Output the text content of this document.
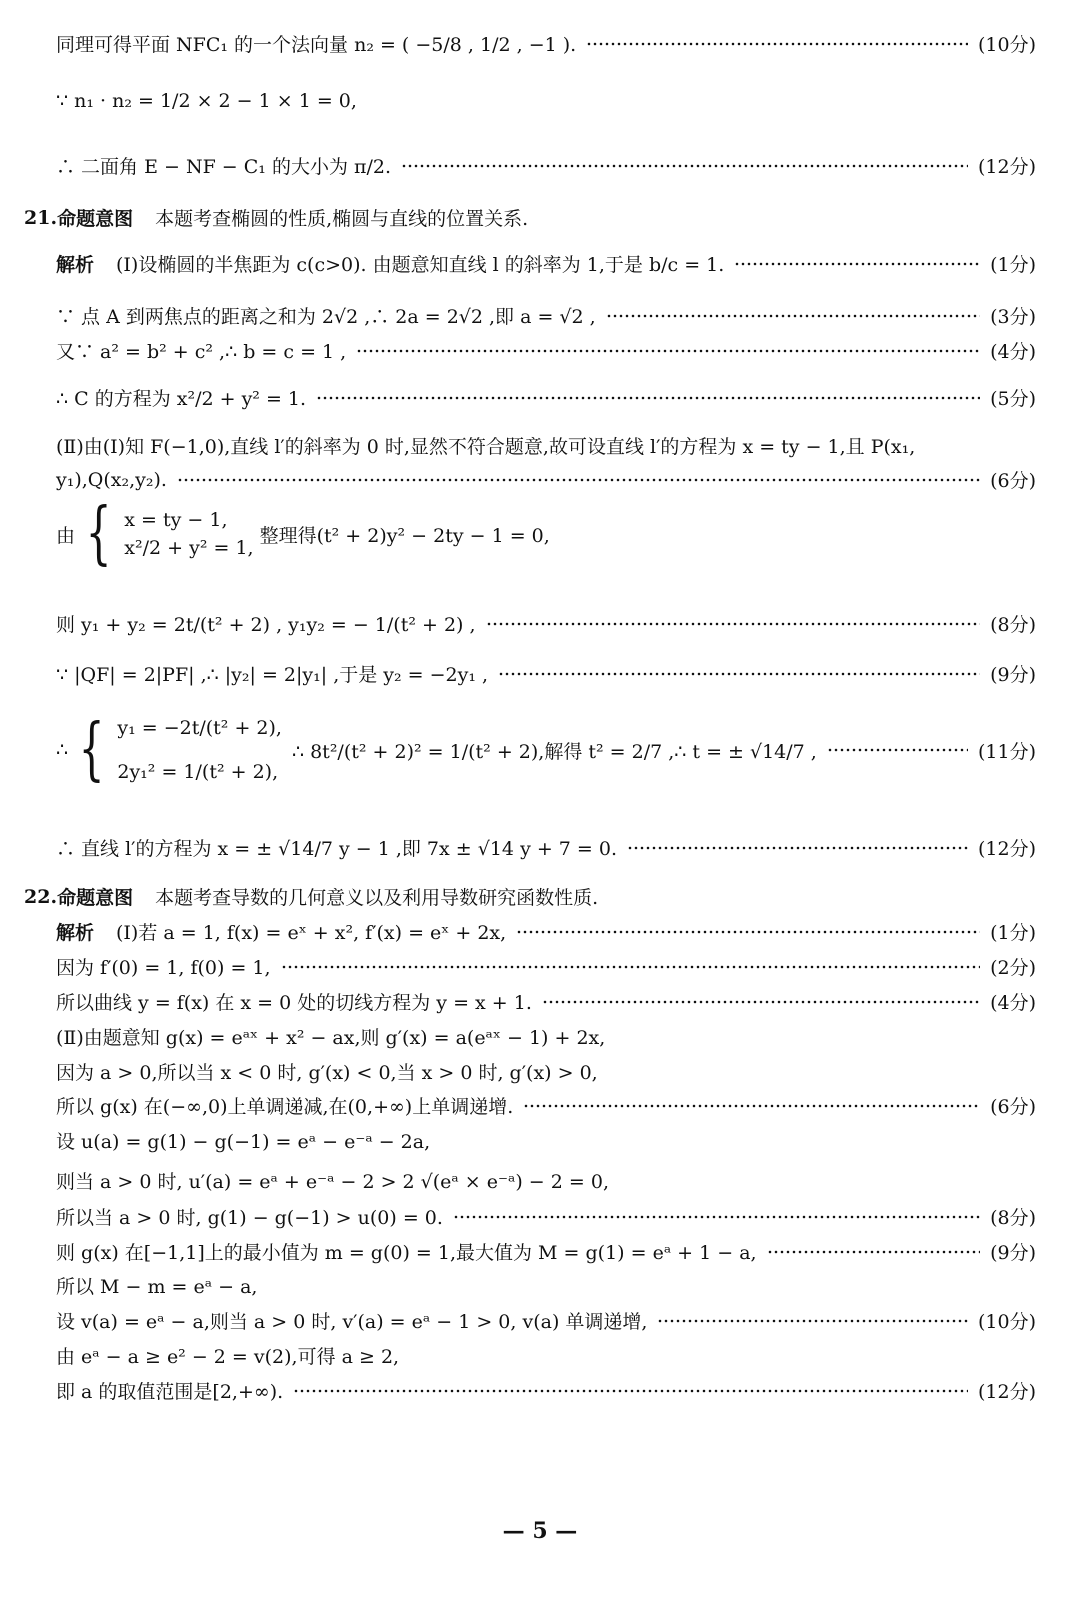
同理可得平面 NFC₁ 的一个法向量 n₂ = ( −5/8 , 1/2 , −1 ).	(10分)
∵ n₁ · n₂ = 1/2 × 2 − 1 × 1 = 0,
∴ 二面角 E − NF − C₁ 的大小为 π/2.	(12分)
21. 命题意图 本题考查椭圆的性质,椭圆与直线的位置关系.
解析 (Ⅰ)设椭圆的半焦距为 c(c>0). 由题意知直线 l 的斜率为 1,于是 b/c = 1.	(1分)
∵ 点 A 到两焦点的距离之和为 2√2 ,∴ 2a = 2√2 ,即 a = √2 ,	(3分)
又∵ a² = b² + c² ,∴ b = c = 1 ,	(4分)
∴ C 的方程为 x²/2 + y² = 1.	(5分)
(Ⅱ)由(Ⅰ)知 F(−1,0),直线 l′的斜率为 0 时,显然不符合题意,故可设直线 l′的方程为 x = ty − 1,且 P(x₁,
y₁),Q(x₂,y₂).	(6分)
由 { x = ty − 1,
x²/2 + y² = 1,
整理得(t² + 2)y² − 2ty − 1 = 0,
则 y₁ + y₂ = 2t/(t² + 2) , y₁y₂ = − 1/(t² + 2) ,	(8分)
∵ |QF| = 2|PF| ,∴ |y₂| = 2|y₁| ,于是 y₂ = −2y₁ ,	(9分)
∴ { y₁ = −2t/(t² + 2),
2y₁² = 1/(t² + 2),
∴ 8t²/(t² + 2)² = 1/(t² + 2),解得 t² = 2/7 ,∴ t = ± √14/7 ,	(11分)
∴ 直线 l′的方程为 x = ± √14/7 y − 1 ,即 7x ± √14 y + 7 = 0.	(12分)
22. 命题意图 本题考查导数的几何意义以及利用导数研究函数性质.
解析 (Ⅰ)若 a = 1, f(x) = eˣ + x², f′(x) = eˣ + 2x,	(1分)
因为 f′(0) = 1, f(0) = 1,	(2分)
所以曲线 y = f(x) 在 x = 0 处的切线方程为 y = x + 1.	(4分)
(Ⅱ)由题意知 g(x) = eᵃˣ + x² − ax,则 g′(x) = a(eᵃˣ − 1) + 2x,
因为 a > 0,所以当 x < 0 时, g′(x) < 0,当 x > 0 时, g′(x) > 0,
所以 g(x) 在(−∞,0)上单调递减,在(0,+∞)上单调递增.	(6分)
设 u(a) = g(1) − g(−1) = eᵃ − e⁻ᵃ − 2a,
则当 a > 0 时, u′(a) = eᵃ + e⁻ᵃ − 2 > 2 √(eᵃ × e⁻ᵃ) − 2 = 0,
所以当 a > 0 时, g(1) − g(−1) > u(0) = 0.	(8分)
则 g(x) 在[−1,1]上的最小值为 m = g(0) = 1,最大值为 M = g(1) = eᵃ + 1 − a,	(9分)
所以 M − m = eᵃ − a,
设 v(a) = eᵃ − a,则当 a > 0 时, v′(a) = eᵃ − 1 > 0, v(a) 单调递增,	(10分)
由 eᵃ − a ≥ e² − 2 = v(2),可得 a ≥ 2,
即 a 的取值范围是[2,+∞).	(12分)
— 5 —
